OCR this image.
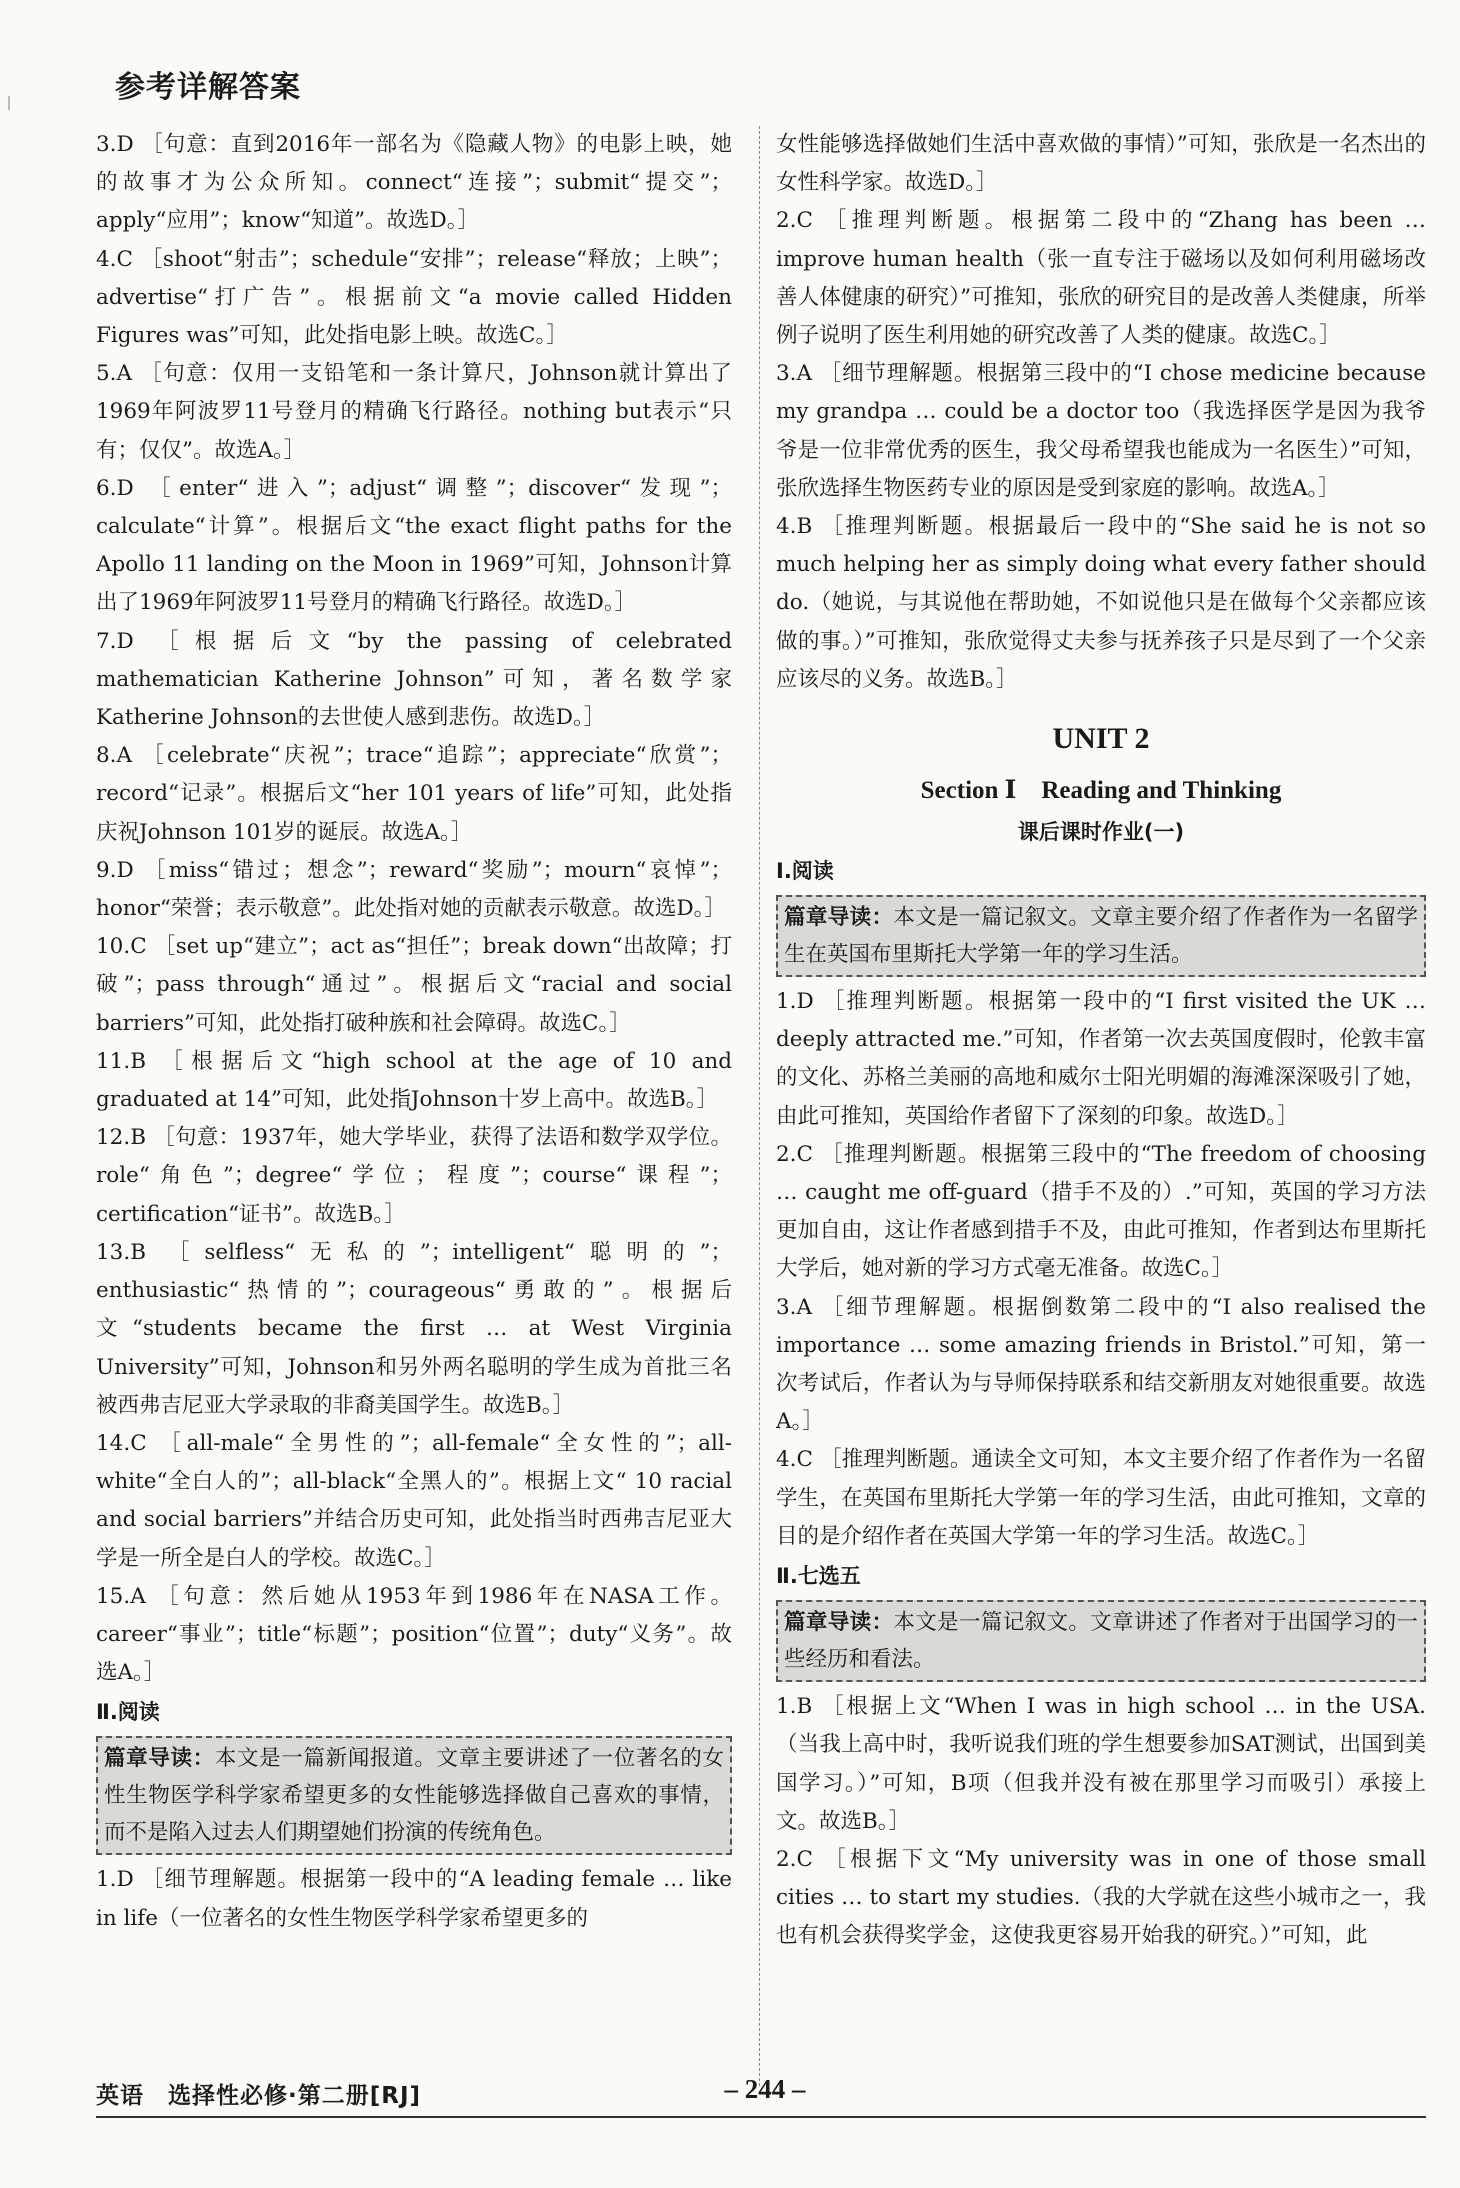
参考详解答案

3.D ［句意：直到2016年一部名为《隐藏人物》的电影上映，她的故事才为公众所知。connect“连接”；submit“提交”；apply“应用”；know“知道”。故选D。］

4.C ［shoot“射击”；schedule“安排”；release“释放；上映”；advertise“打广告”。根据前文“a movie called Hidden Figures was”可知，此处指电影上映。故选C。］

5.A ［句意：仅用一支铅笔和一条计算尺，Johnson就计算出了1969年阿波罗11号登月的精确飞行路径。nothing but表示“只有；仅仅”。故选A。］

6.D ［enter“进入”；adjust“调整”；discover“发现”；calculate“计算”。根据后文“the exact flight paths for the Apollo 11 landing on the Moon in 1969”可知，Johnson计算出了1969年阿波罗11号登月的精确飞行路径。故选D。］

7.D ［根据后文“by the passing of celebrated mathematician Katherine Johnson”可知，著名数学家Katherine Johnson的去世使人感到悲伤。故选D。］

8.A ［celebrate“庆祝”；trace“追踪”；appreciate“欣赏”；record“记录”。根据后文“her 101 years of life”可知，此处指庆祝Johnson 101岁的诞辰。故选A。］

9.D ［miss“错过；想念”；reward“奖励”；mourn“哀悼”；honor“荣誉；表示敬意”。此处指对她的贡献表示敬意。故选D。］

10.C ［set up“建立”；act as“担任”；break down“出故障；打破”；pass through“通过”。根据后文“racial and social barriers”可知，此处指打破种族和社会障碍。故选C。］

11.B ［根据后文“high school at the age of 10 and graduated at 14”可知，此处指Johnson十岁上高中。故选B。］

12.B ［句意：1937年，她大学毕业，获得了法语和数学双学位。role“角色”；degree“学位；程度”；course“课程”；certification“证书”。故选B。］

13.B ［selfless“无私的”；intelligent“聪明的”；enthusiastic“热情的”；courageous“勇敢的”。根据后文“students became the first … at West Virginia University”可知，Johnson和另外两名聪明的学生成为首批三名被西弗吉尼亚大学录取的非裔美国学生。故选B。］

14.C ［all-male“全男性的”；all-female“全女性的”；all-white“全白人的”；all-black“全黑人的”。根据上文“ 10 racial and social barriers”并结合历史可知，此处指当时西弗吉尼亚大学是一所全是白人的学校。故选C。］

15.A ［句意：然后她从1953年到1986年在NASA工作。career“事业”；title“标题”；position“位置”；duty“义务”。故选A。］

Ⅱ.阅读
篇章导读：本文是一篇新闻报道。文章主要讲述了一位著名的女性生物医学科学家希望更多的女性能够选择做自己喜欢的事情，而不是陷入过去人们期望她们扮演的传统角色。

1.D ［细节理解题。根据第一段中的“A leading female … like in life（一位著名的女性生物医学科学家希望更多的

女性能够选择做她们生活中喜欢做的事情）”可知，张欣是一名杰出的女性科学家。故选D。］

2.C ［推理判断题。根据第二段中的“Zhang has been … improve human health（张一直专注于磁场以及如何利用磁场改善人体健康的研究）”可推知，张欣的研究目的是改善人类健康，所举例子说明了医生利用她的研究改善了人类的健康。故选C。］

3.A ［细节理解题。根据第三段中的“I chose medicine because my grandpa … could be a doctor too（我选择医学是因为我爷爷是一位非常优秀的医生，我父母希望我也能成为一名医生）”可知，张欣选择生物医药专业的原因是受到家庭的影响。故选A。］

4.B ［推理判断题。根据最后一段中的“She said he is not so much helping her as simply doing what every father should do.（她说，与其说他在帮助她，不如说他只是在做每个父亲都应该做的事。）”可推知，张欣觉得丈夫参与抚养孩子只是尽到了一个父亲应该尽的义务。故选B。］

UNIT 2
Section Ⅰ　Reading and Thinking
课后课时作业(一)
Ⅰ.阅读
篇章导读：本文是一篇记叙文。文章主要介绍了作者作为一名留学生在英国布里斯托大学第一年的学习生活。

1.D ［推理判断题。根据第一段中的“I first visited the UK … deeply attracted me.”可知，作者第一次去英国度假时，伦敦丰富的文化、苏格兰美丽的高地和威尔士阳光明媚的海滩深深吸引了她，由此可推知，英国给作者留下了深刻的印象。故选D。］

2.C ［推理判断题。根据第三段中的“The freedom of choosing … caught me off-guard（措手不及的）.”可知，英国的学习方法更加自由，这让作者感到措手不及，由此可推知，作者到达布里斯托大学后，她对新的学习方式毫无准备。故选C。］

3.A ［细节理解题。根据倒数第二段中的“I also realised the importance … some amazing friends in Bristol.”可知，第一次考试后，作者认为与导师保持联系和结交新朋友对她很重要。故选A。］

4.C ［推理判断题。通读全文可知，本文主要介绍了作者作为一名留学生，在英国布里斯托大学第一年的学习生活，由此可推知，文章的目的是介绍作者在英国大学第一年的学习生活。故选C。］

Ⅱ.七选五
篇章导读：本文是一篇记叙文。文章讲述了作者对于出国学习的一些经历和看法。

1.B ［根据上文“When I was in high school … in the USA.（当我上高中时，我听说我们班的学生想要参加SAT测试，出国到美国学习。）”可知，B项（但我并没有被在那里学习而吸引）承接上文。故选B。］

2.C ［根据下文“My university was in one of those small cities … to start my studies.（我的大学就在这些小城市之一，我也有机会获得奖学金，这使我更容易开始我的研究。）”可知，此

英语　选择性必修·第二册[RJ]	– 244 –
